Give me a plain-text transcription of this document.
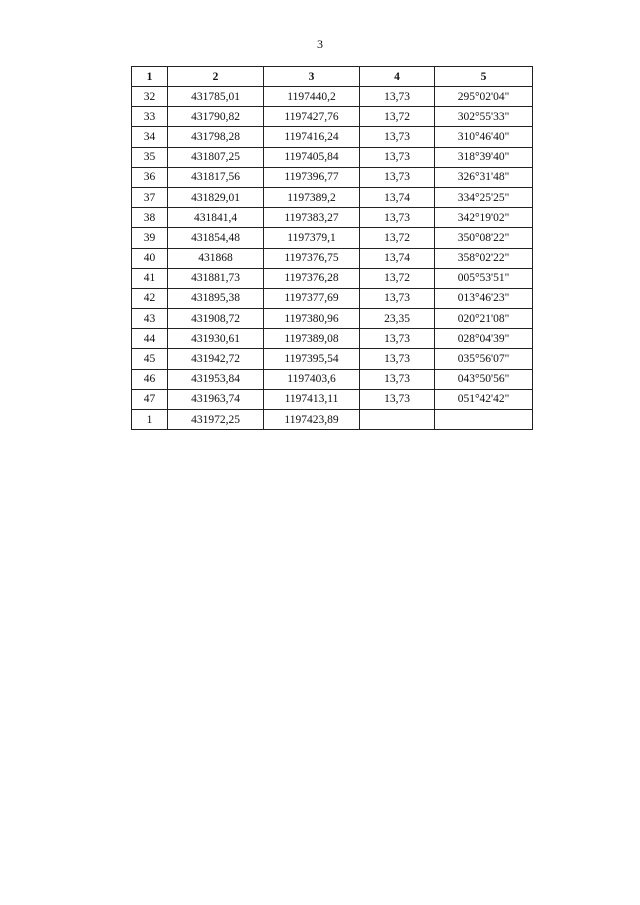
3
1	2	3	4	5
32	431785,01	1197440,2	13,73	295°02'04"
33	431790,82	1197427,76	13,72	302°55'33"
34	431798,28	1197416,24	13,73	310°46'40"
35	431807,25	1197405,84	13,73	318°39'40"
36	431817,56	1197396,77	13,73	326°31'48"
37	431829,01	1197389,2	13,74	334°25'25"
38	431841,4	1197383,27	13,73	342°19'02"
39	431854,48	1197379,1	13,72	350°08'22"
40	431868	1197376,75	13,74	358°02'22"
41	431881,73	1197376,28	13,72	005°53'51"
42	431895,38	1197377,69	13,73	013°46'23"
43	431908,72	1197380,96	23,35	020°21'08"
44	431930,61	1197389,08	13,73	028°04'39"
45	431942,72	1197395,54	13,73	035°56'07"
46	431953,84	1197403,6	13,73	043°50'56"
47	431963,74	1197413,11	13,73	051°42'42"
1	431972,25	1197423,89		
